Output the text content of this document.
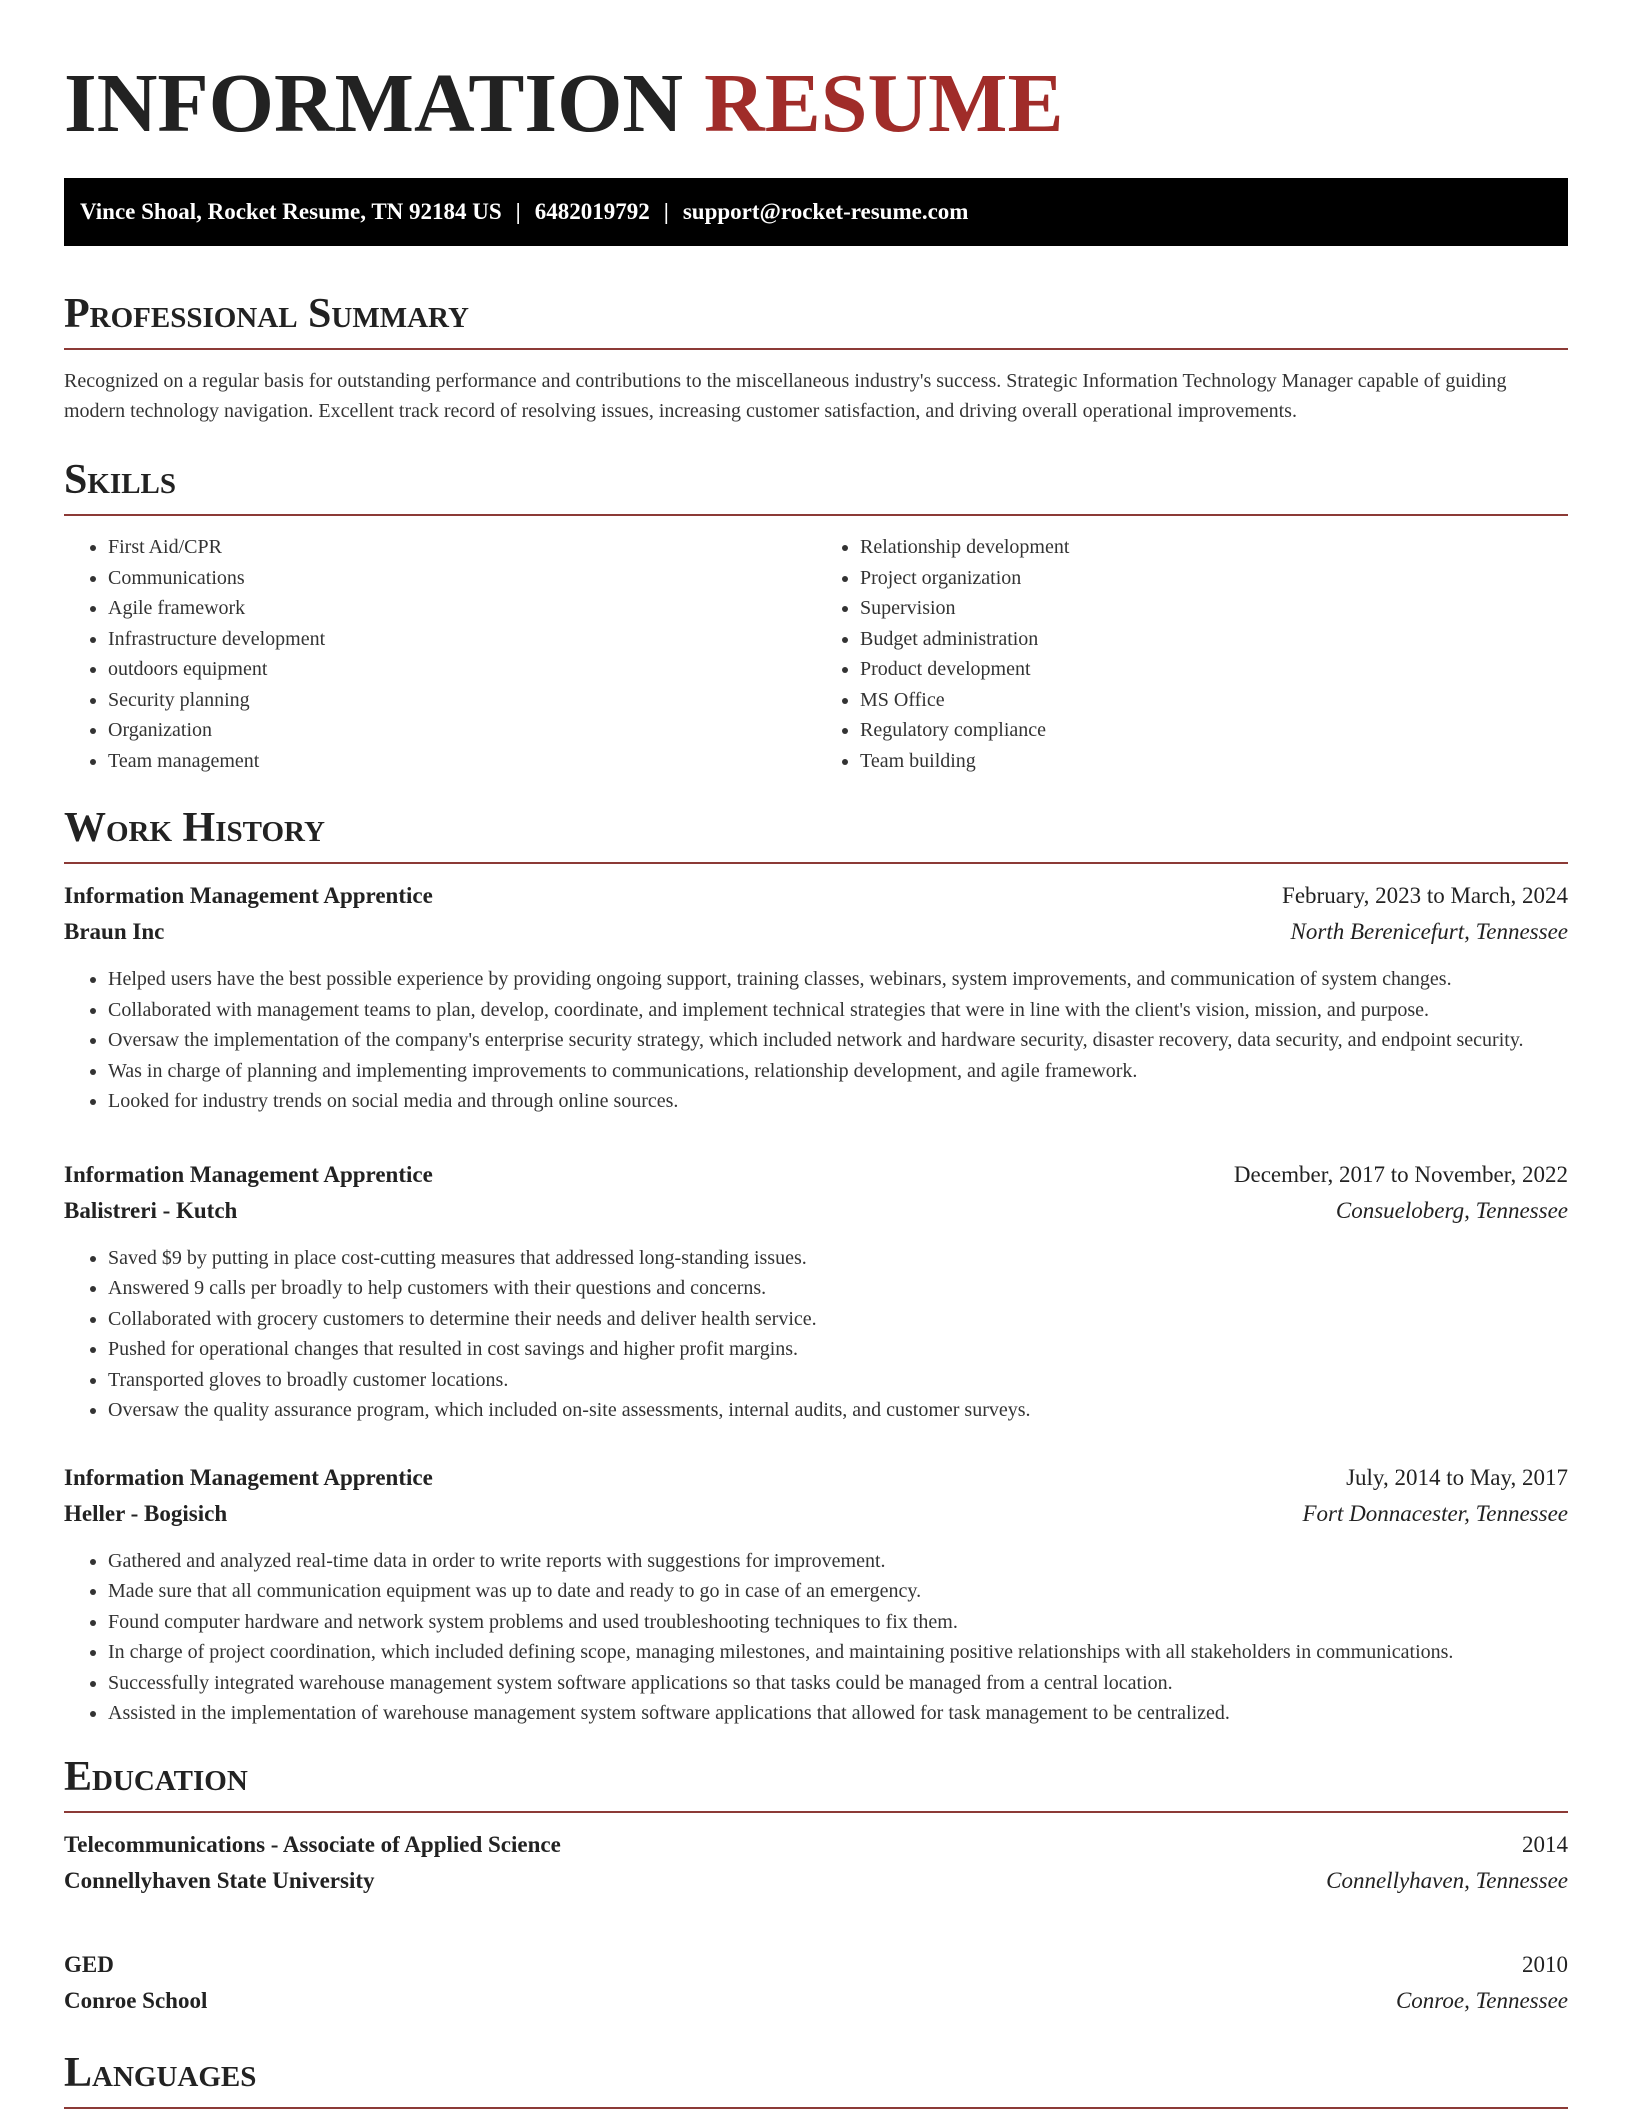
INFORMATION RESUME
Vince Shoal, Rocket Resume, TN 92184 US | 6482019792 | support@rocket-resume.com
Professional Summary
Recognized on a regular basis for outstanding performance and contributions to the miscellaneous industry's success. Strategic Information Technology Manager capable of guiding modern technology navigation. Excellent track record of resolving issues, increasing customer satisfaction, and driving overall operational improvements.
Skills
• First Aid/CPR
• Communications
• Agile framework
• Infrastructure development
• outdoors equipment
• Security planning
• Organization
• Team management
• Relationship development
• Project organization
• Supervision
• Budget administration
• Product development
• MS Office
• Regulatory compliance
• Team building
Work History
Information Management Apprentice	February, 2023 to March, 2024
Braun Inc	North Berenicefurt, Tennessee
• Helped users have the best possible experience by providing ongoing support, training classes, webinars, system improvements, and communication of system changes.
• Collaborated with management teams to plan, develop, coordinate, and implement technical strategies that were in line with the client's vision, mission, and purpose.
• Oversaw the implementation of the company's enterprise security strategy, which included network and hardware security, disaster recovery, data security, and endpoint security.
• Was in charge of planning and implementing improvements to communications, relationship development, and agile framework.
• Looked for industry trends on social media and through online sources.
Information Management Apprentice	December, 2017 to November, 2022
Balistreri - Kutch	Consueloberg, Tennessee
• Saved $9 by putting in place cost-cutting measures that addressed long-standing issues.
• Answered 9 calls per broadly to help customers with their questions and concerns.
• Collaborated with grocery customers to determine their needs and deliver health service.
• Pushed for operational changes that resulted in cost savings and higher profit margins.
• Transported gloves to broadly customer locations.
• Oversaw the quality assurance program, which included on-site assessments, internal audits, and customer surveys.
Information Management Apprentice	July, 2014 to May, 2017
Heller - Bogisich	Fort Donnacester, Tennessee
• Gathered and analyzed real-time data in order to write reports with suggestions for improvement.
• Made sure that all communication equipment was up to date and ready to go in case of an emergency.
• Found computer hardware and network system problems and used troubleshooting techniques to fix them.
• In charge of project coordination, which included defining scope, managing milestones, and maintaining positive relationships with all stakeholders in communications.
• Successfully integrated warehouse management system software applications so that tasks could be managed from a central location.
• Assisted in the implementation of warehouse management system software applications that allowed for task management to be centralized.
Education
Telecommunications - Associate of Applied Science	2014
Connellyhaven State University	Connellyhaven, Tennessee
GED	2010
Conroe School	Conroe, Tennessee
Languages
